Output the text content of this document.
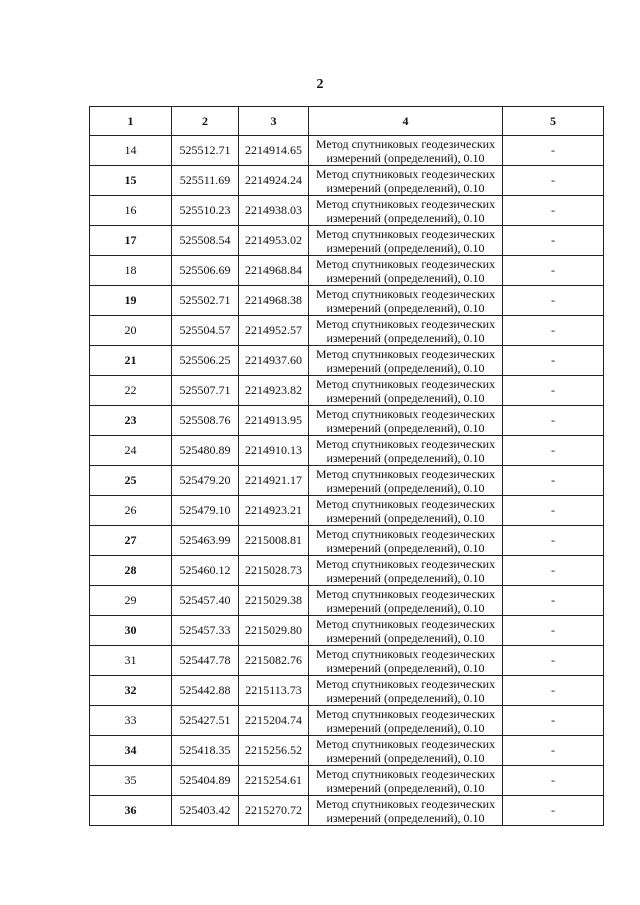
2
1	2	3	4	5
14	525512.71	2214914.65	Метод спутниковых геодезических
измерений (определений), 0.10	-
15	525511.69	2214924.24	Метод спутниковых геодезических
измерений (определений), 0.10	-
16	525510.23	2214938.03	Метод спутниковых геодезических
измерений (определений), 0.10	-
17	525508.54	2214953.02	Метод спутниковых геодезических
измерений (определений), 0.10	-
18	525506.69	2214968.84	Метод спутниковых геодезических
измерений (определений), 0.10	-
19	525502.71	2214968.38	Метод спутниковых геодезических
измерений (определений), 0.10	-
20	525504.57	2214952.57	Метод спутниковых геодезических
измерений (определений), 0.10	-
21	525506.25	2214937.60	Метод спутниковых геодезических
измерений (определений), 0.10	-
22	525507.71	2214923.82	Метод спутниковых геодезических
измерений (определений), 0.10	-
23	525508.76	2214913.95	Метод спутниковых геодезических
измерений (определений), 0.10	-
24	525480.89	2214910.13	Метод спутниковых геодезических
измерений (определений), 0.10	-
25	525479.20	2214921.17	Метод спутниковых геодезических
измерений (определений), 0.10	-
26	525479.10	2214923.21	Метод спутниковых геодезических
измерений (определений), 0.10	-
27	525463.99	2215008.81	Метод спутниковых геодезических
измерений (определений), 0.10	-
28	525460.12	2215028.73	Метод спутниковых геодезических
измерений (определений), 0.10	-
29	525457.40	2215029.38	Метод спутниковых геодезических
измерений (определений), 0.10	-
30	525457.33	2215029.80	Метод спутниковых геодезических
измерений (определений), 0.10	-
31	525447.78	2215082.76	Метод спутниковых геодезических
измерений (определений), 0.10	-
32	525442.88	2215113.73	Метод спутниковых геодезических
измерений (определений), 0.10	-
33	525427.51	2215204.74	Метод спутниковых геодезических
измерений (определений), 0.10	-
34	525418.35	2215256.52	Метод спутниковых геодезических
измерений (определений), 0.10	-
35	525404.89	2215254.61	Метод спутниковых геодезических
измерений (определений), 0.10	-
36	525403.42	2215270.72	Метод спутниковых геодезических
измерений (определений), 0.10	-
